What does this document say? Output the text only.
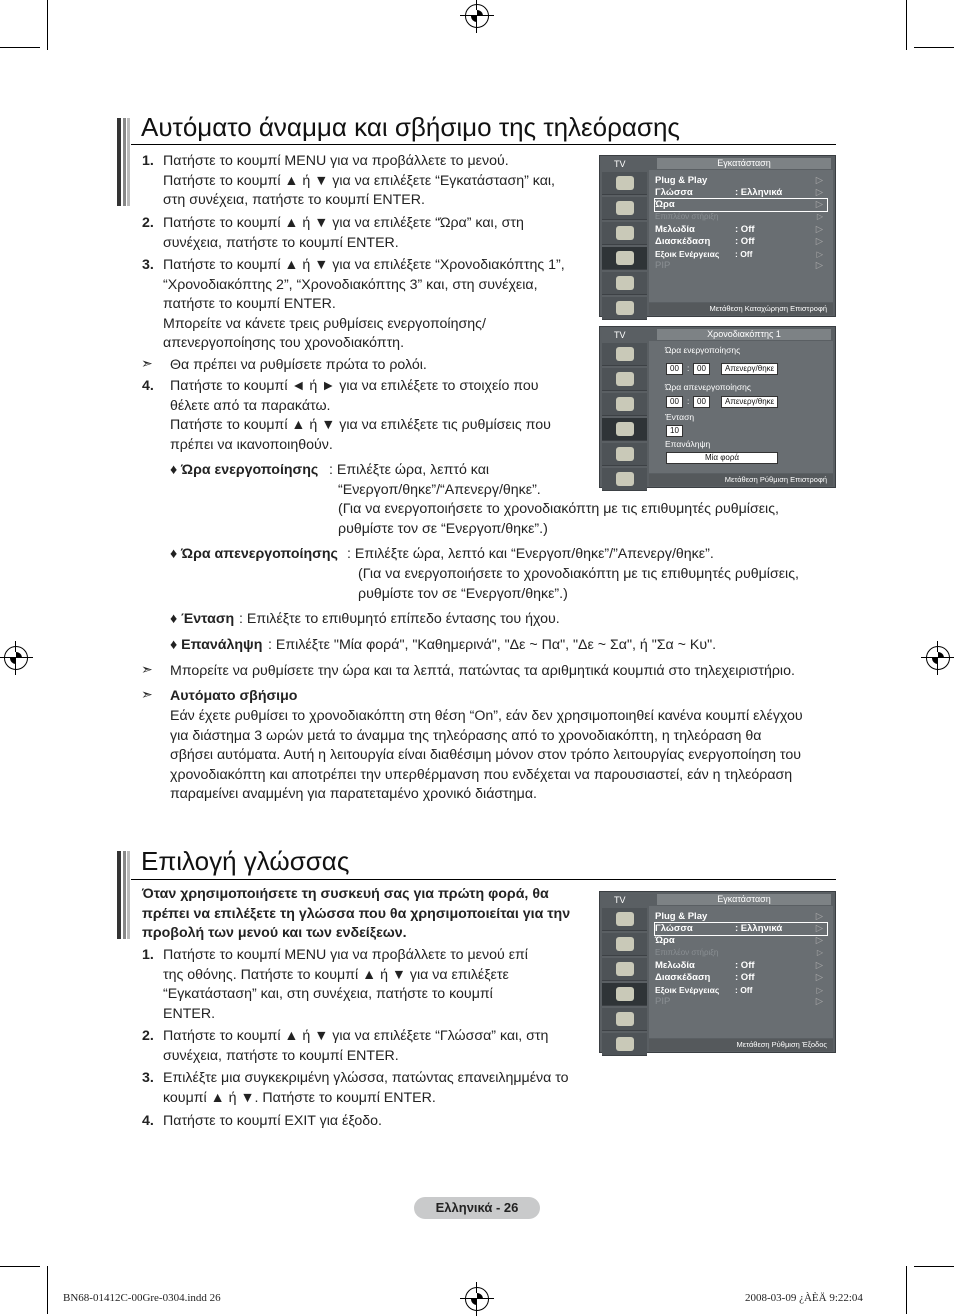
Αυτόματο άναμμα και σβήσιμο της τηλεόρασης
1. Πατήστε το κουμπί MENU για να προβάλλετε το μενού.
Πατήστε το κουμπί ▲ ή ▼ για να επιλέξετε “Εγκατάσταση” και,
στη συνέχεια, πατήστε το κουμπί ENTER.
2. Πατήστε το κουμπί ▲ ή ▼ για να επιλέξετε “Ώρα” και, στη
συνέχεια, πατήστε το κουμπί ENTER.
3. Πατήστε το κουμπί ▲ ή ▼ για να επιλέξετε “Χρονοδιακόπτης 1”,
“Χρονοδιακόπτης 2”, “Χρονοδιακόπτης 3” και, στη συνέχεια,
πατήστε το κουμπί ENTER.
Μπορείτε να κάνετε τρεις ρυθμίσεις ενεργοποίησης/
απενεργοποίησης του χρονοδιακόπτη.
➣ Θα πρέπει να ρυθμίσετε πρώτα το ρολόι.
4. Πατήστε το κουμπί ◄ ή ► για να επιλέξετε το στοιχείο που
θέλετε από τα παρακάτω.
Πατήστε το κουμπί ▲ ή ▼ για να επιλέξετε τις ρυθμίσεις που
πρέπει να ικανοποιηθούν.
♦ Ώρα ενεργοποίησης : Επιλέξτε ώρα, λεπτό και
“Ενεργοπ/θηκε”/“Απενεργ/θηκε”.
(Για να ενεργοποιήσετε το χρονοδιακόπτη με τις επιθυμητές ρυθμίσεις,
ρυθμίστε τον σε “Ενεργοπ/θηκε”.)
♦ Ώρα απενεργοποίησης : Επιλέξτε ώρα, λεπτό και “Ενεργοπ/θηκε”/”Απενεργ/θηκε”.
(Για να ενεργοποιήσετε το χρονοδιακόπτη με τις επιθυμητές ρυθμίσεις,
ρυθμίστε τον σε “Ενεργοπ/θηκε”.)
♦ Ένταση : Επιλέξτε το επιθυμητό επίπεδο έντασης του ήχου.
♦ Επανάληψη : Επιλέξτε "Μία φορά", "Καθημερινά", "Δε ~ Πα", "Δε ~ Σα", ή "Σα ~ Κυ".
➣ Μπορείτε να ρυθμίσετε την ώρα και τα λεπτά, πατώντας τα αριθμητικά κουμπιά στο τηλεχειριστήριο.
➣ Αυτόματο σβήσιμο
Εάν έχετε ρυθμίσει το χρονοδιακόπτη στη θέση “On”, εάν δεν χρησιμοποιηθεί κανένα κουμπί ελέγχου
για διάστημα 3 ωρών μετά το άναμμα της τηλεόρασης από το χρονοδιακόπτη, η τηλεόραση θα
σβήσει αυτόματα. Αυτή η λειτουργία είναι διαθέσιμη μόνον στον τρόπο λειτουργίας ενεργοποίηση του
χρονοδιακόπτη και αποτρέπει την υπερθέρμανση που ενδέχεται να παρουσιαστεί, εάν η τηλεόραση
παραμείνει αναμμένη για παρατεταμένο χρονικό διάστημα.
TV	Εγκατάσταση
Plug & Play	▷
Γλώσσα	: Ελληνικά	▷
Ώρα	▷
Επιπλέον στήριξη	▷
Μελωδία	: Off	▷
Διασκέδαση	: Off	▷
Εξοικ Ενέργειας : Off	▷
PIP	▷
Μετάθεση Καταχώρηση Επιστροφή
TV	Χρονοδιακόπτης 1
Ώρα ενεργοποίησης
00 : 00	Απενεργ/θηκε
Ώρα απενεργοποίησης
00 : 00	Απενεργ/θηκε
Ένταση
10
Επανάληψη
Μία φορά
Μετάθεση Ρύθμιση Επιστροφή
Επιλογή γλώσσας
Όταν χρησιμοποιήσετε τη συσκευή σας για πρώτη φορά, θα
πρέπει να επιλέξετε τη γλώσσα που θα χρησιμοποιείται για την
προβολή των μενού και των ενδείξεων.
1. Πατήστε το κουμπί MENU για να προβάλλετε το μενού επί
της οθόνης. Πατήστε το κουμπί ▲ ή ▼ για να επιλέξετε
“Εγκατάσταση” και, στη συνέχεια, πατήστε το κουμπί
ENTER.
2. Πατήστε το κουμπί ▲ ή ▼ για να επιλέξετε “Γλώσσα” και, στη
συνέχεια, πατήστε το κουμπί ENTER.
3. Επιλέξτε μια συγκεκριμένη γλώσσα, πατώντας επανειλημμένα το
κουμπί ▲ ή ▼. Πατήστε το κουμπί ENTER.
4. Πατήστε το κουμπί EXIT για έξοδο.
TV	Εγκατάσταση
Plug & Play	▷
Γλώσσα	: Ελληνικά	▷
Ώρα	▷
Επιπλέον στήριξη	▷
Μελωδία	: Off	▷
Διασκέδαση	: Off	▷
Εξοικ Ενέργειας : Off	▷
PIP	▷
Μετάθεση Ρύθμιση Έξοδος
Ελληνικά - 26
BN68-01412C-00Gre-0304.indd 26	2008-03-09 ¿ÀÈÄ 9:22:04
